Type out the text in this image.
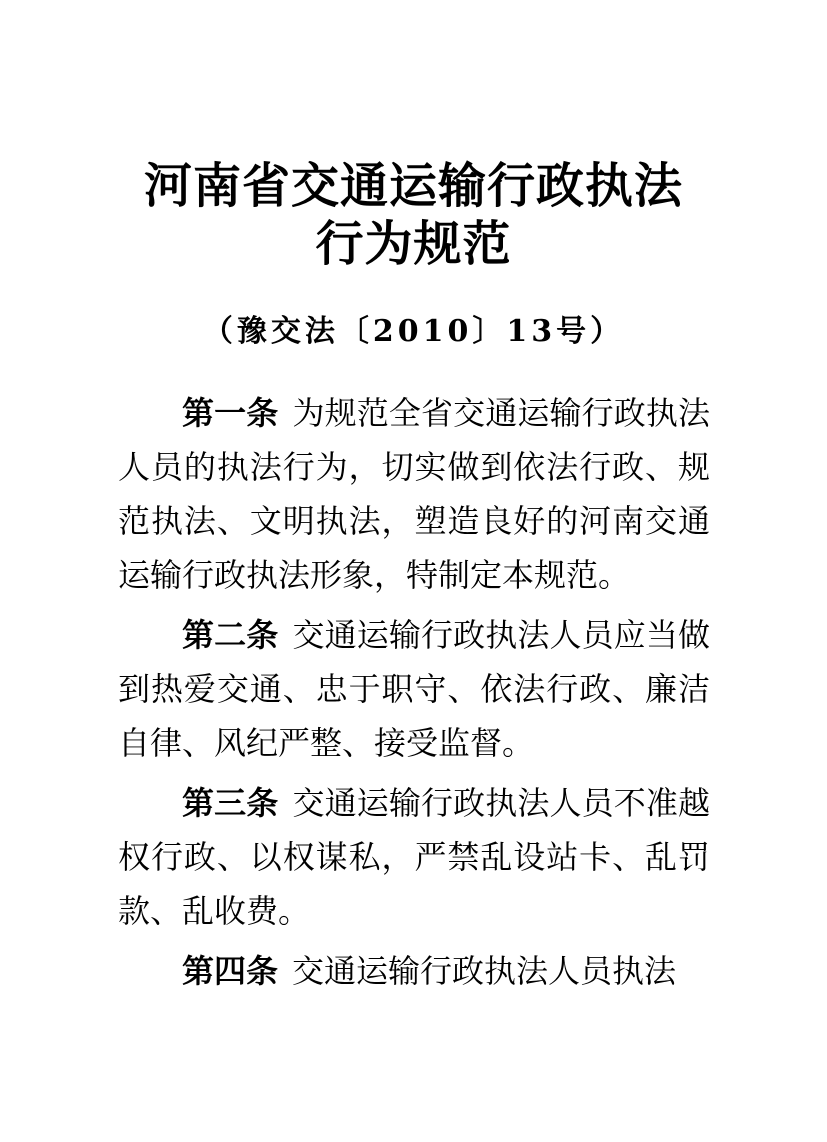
河南省交通运输行政执法
行为规范
（豫交法〔2010〕13号）

第一条 为规范全省交通运输行政执法人员的执法行为，切实做到依法行政、规范执法、文明执法，塑造良好的河南交通运输行政执法形象，特制定本规范。

第二条 交通运输行政执法人员应当做到热爱交通、忠于职守、依法行政、廉洁自律、风纪严整、接受监督。

第三条 交通运输行政执法人员不准越权行政、以权谋私，严禁乱设站卡、乱罚款、乱收费。

第四条 交通运输行政执法人员执法
